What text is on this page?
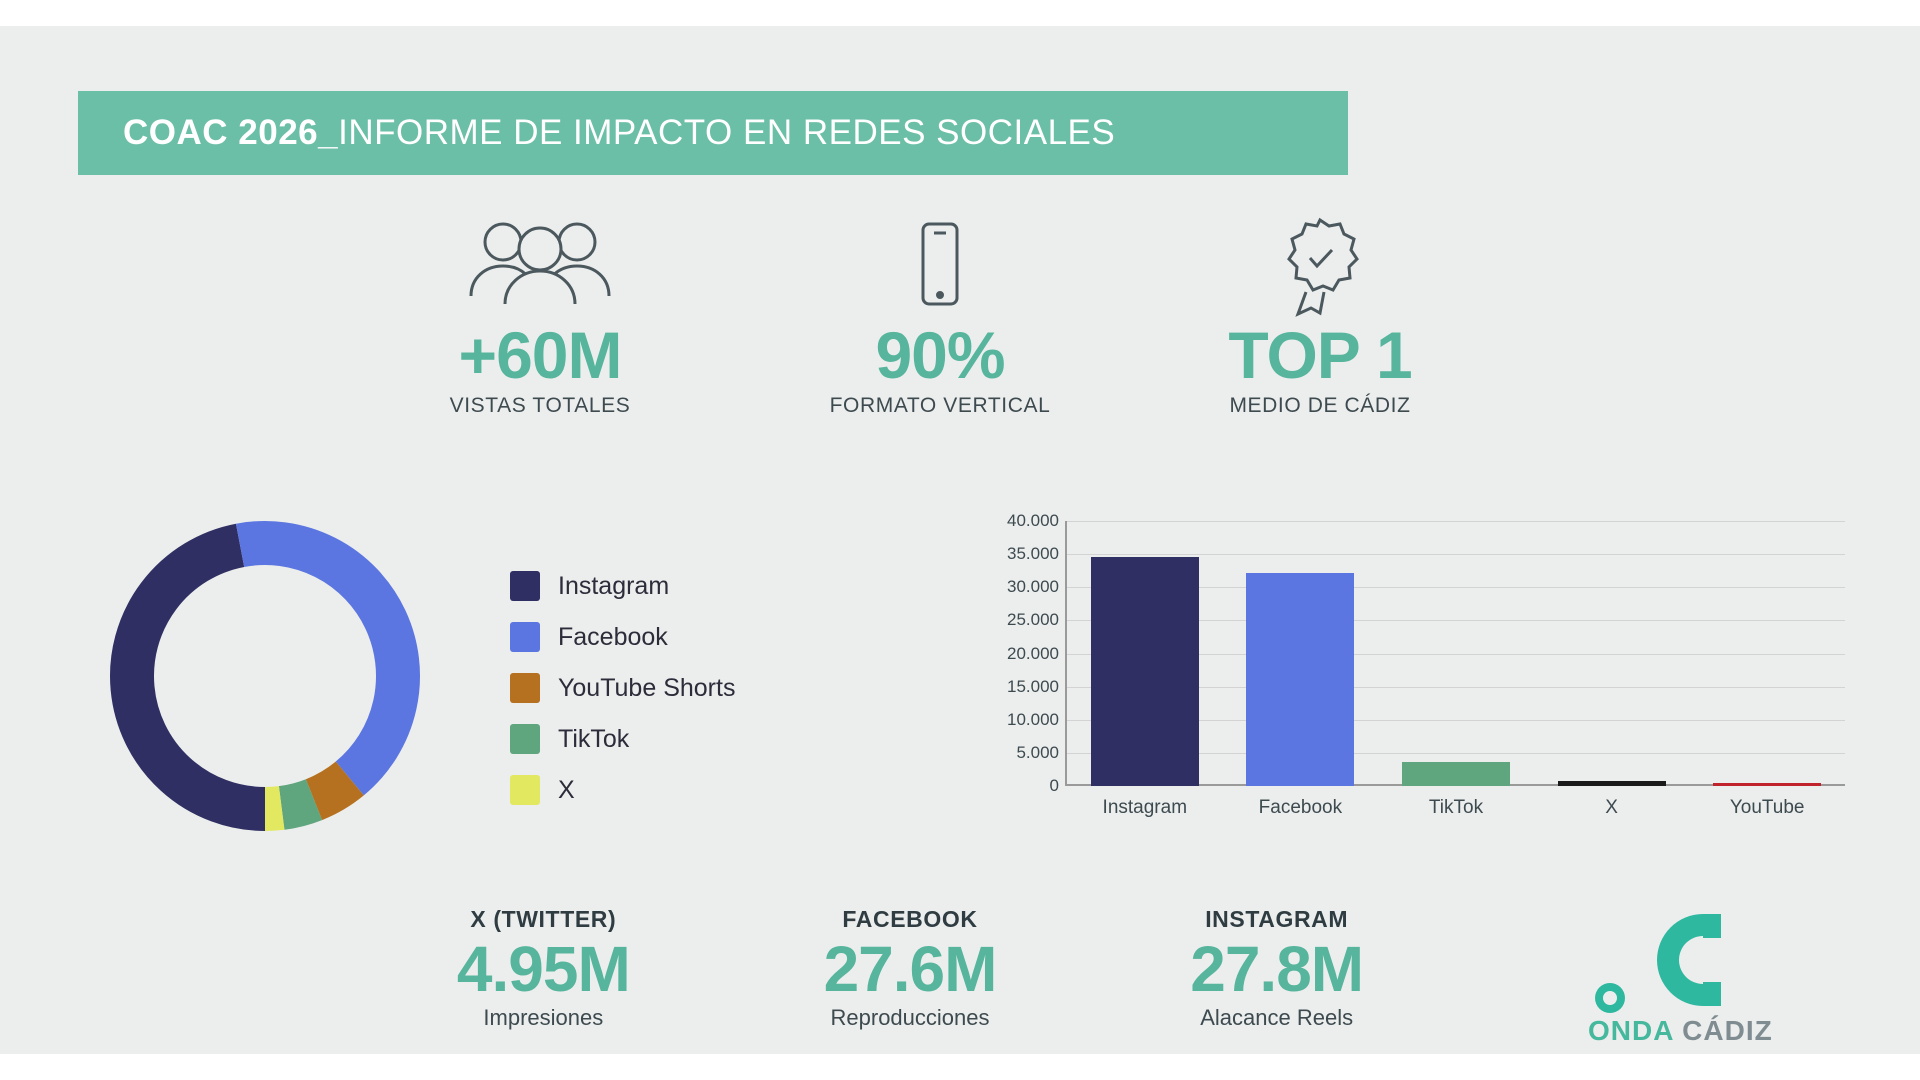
COAC 2026_INFORME DE IMPACTO EN REDES SOCIALES
+60M
VISTAS TOTALES
90%
FORMATO VERTICAL
TOP 1
MEDIO DE CÁDIZ
Instagram
Facebook
YouTube Shorts
TikTok
X	0
5.000
10.000
15.000
20.000
25.000
30.000
35.000
40.000
Instagram	Facebook	TikTok	X	YouTube
X (TWITTER)
4.95M
Impresiones
FACEBOOK
27.6M
Reproducciones
INSTAGRAM
27.8M
Alacance Reels	ONDA CÁDIZ
